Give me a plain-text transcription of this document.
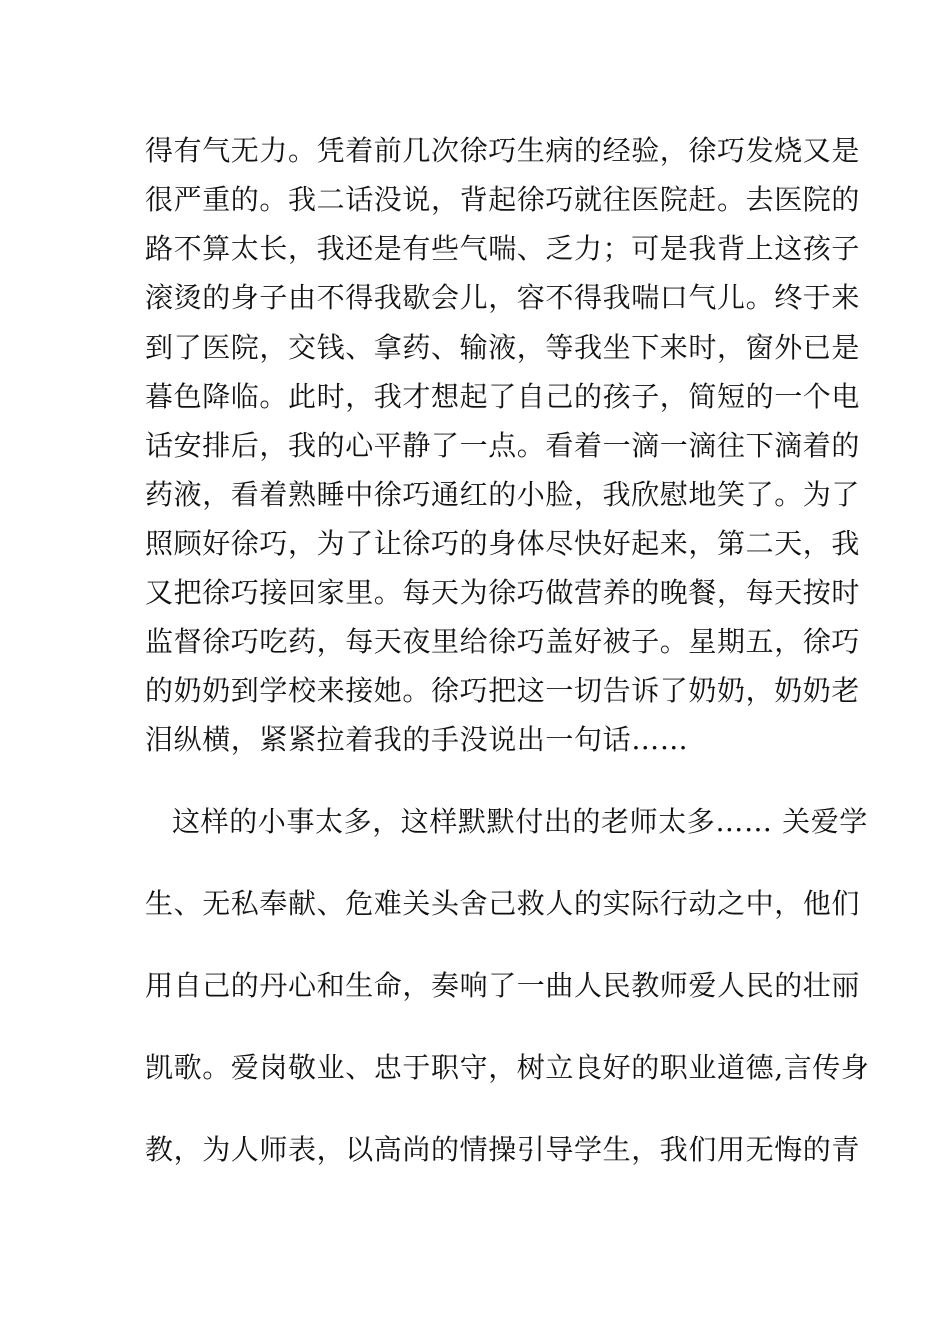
得有气无力。凭着前几次徐巧生病的经验，徐巧发烧又是
很严重的。我二话没说，背起徐巧就往医院赶。去医院的
路不算太长，我还是有些气喘、乏力；可是我背上这孩子
滚烫的身子由不得我歇会儿，容不得我喘口气儿。终于来
到了医院，交钱、拿药、输液，等我坐下来时，窗外已是
暮色降临。此时，我才想起了自己的孩子，简短的一个电
话安排后，我的心平静了一点。看着一滴一滴往下滴着的
药液，看着熟睡中徐巧通红的小脸，我欣慰地笑了。为了
照顾好徐巧，为了让徐巧的身体尽快好起来，第二天，我
又把徐巧接回家里。每天为徐巧做营养的晚餐，每天按时
监督徐巧吃药，每天夜里给徐巧盖好被子。星期五，徐巧
的奶奶到学校来接她。徐巧把这一切告诉了奶奶，奶奶老
泪纵横，紧紧拉着我的手没说出一句话……
这样的小事太多，这样默默付出的老师太多…… 关爱学
生、无私奉献、危难关头舍己救人的实际行动之中，他们
用自己的丹心和生命，奏响了一曲人民教师爱人民的壮丽
凯歌。爱岗敬业、忠于职守，树立良好的职业道德,言传身
教，为人师表，以高尚的情操引导学生，我们用无悔的青
